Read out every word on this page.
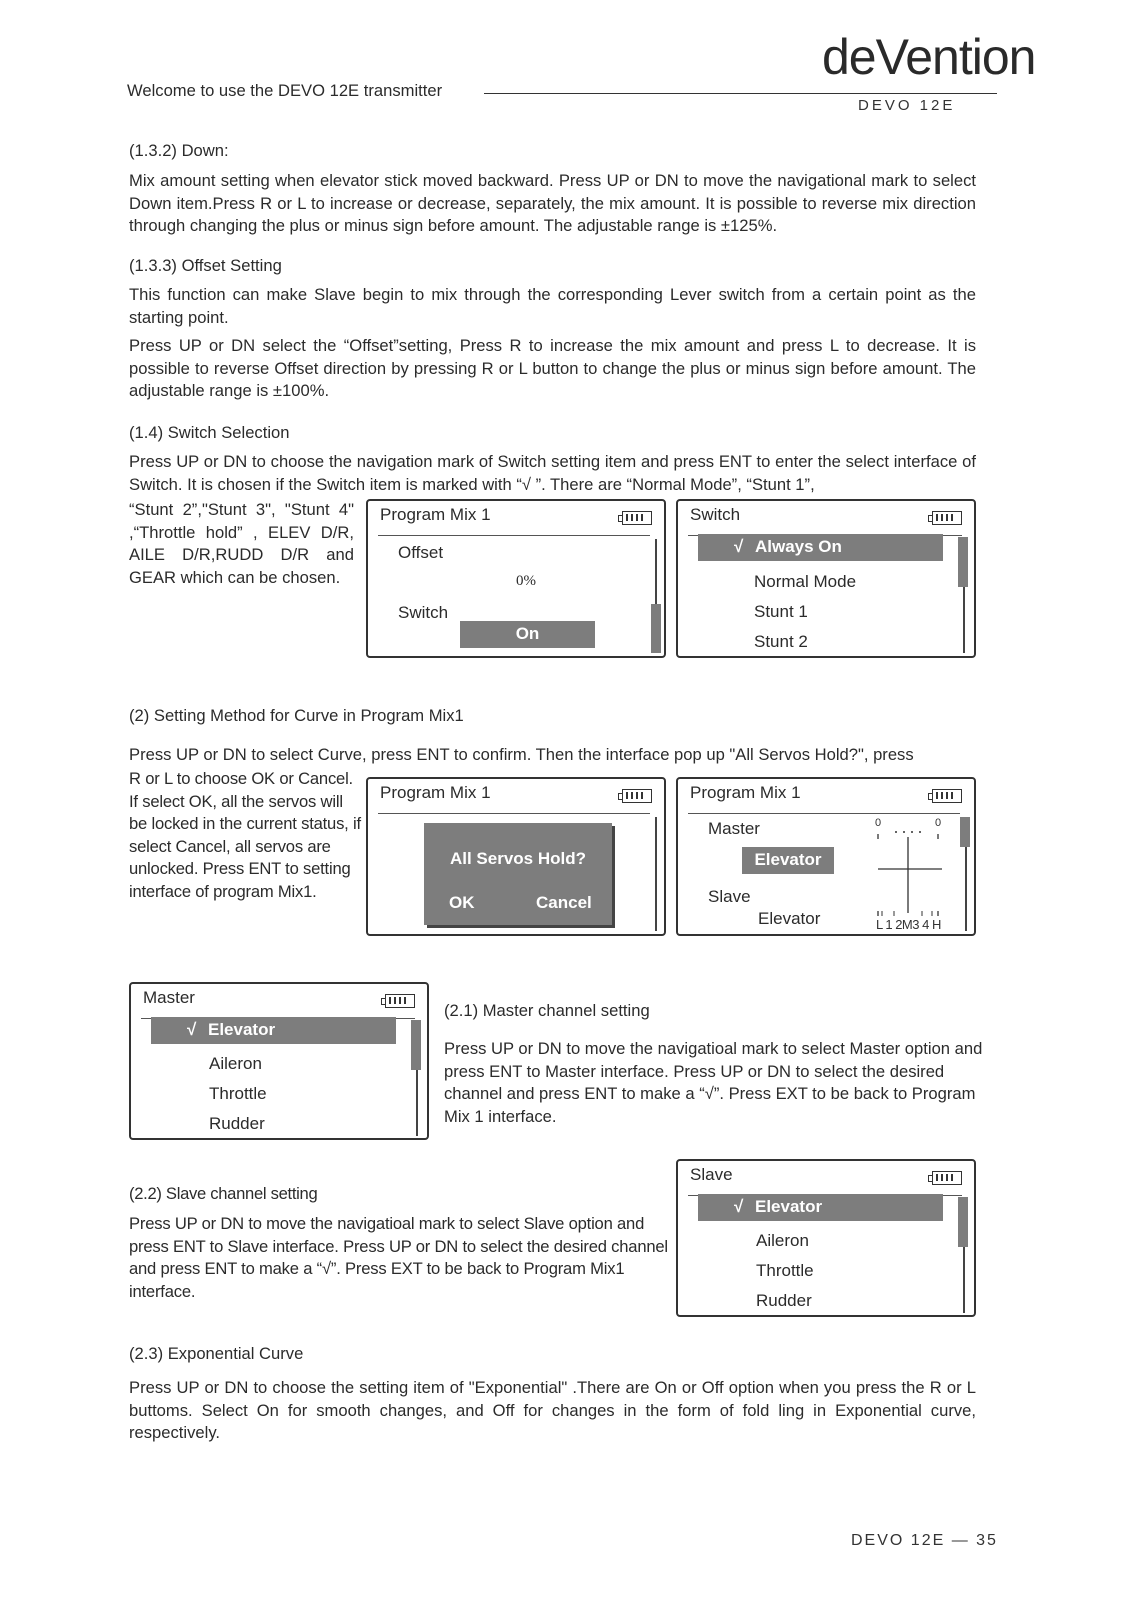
Welcome to use the DEVO 12E transmitter
deVention
DEVO 12E
(1.3.2) Down:
Mix amount setting when elevator stick moved backward. Press UP or DN to move the navigational mark to select Down item.Press R or L to increase or decrease, separately, the mix amount. It is possible to reverse mix direction through changing the plus or minus sign before amount. The adjustable range is ±125%.
(1.3.3) Offset Setting
This function can make Slave begin to mix through the corresponding Lever switch from a certain point as the starting point.
Press UP or DN select the “Offset”setting, Press R to increase the mix amount and press L to decrease. It is possible to reverse Offset direction by pressing R or L button to change the plus or minus sign before amount. The adjustable range is ±100%.
(1.4) Switch Selection
Press UP or DN to choose the navigation mark of Switch setting item and press ENT to enter the select interface of Switch. It is chosen if the Switch item is marked with “√ ”. There are “Normal Mode”, “Stunt 1”,
“Stunt 2”,"Stunt 3", "Stunt 4" ,“Throttle hold” , ELEV D/R, AILE D/R,RUDD D/R and GEAR which can be chosen.
Program Mix 1
Offset
0%
Switch
On
Switch
√ Always On
Normal Mode
Stunt 1
Stunt 2
(2) Setting Method for Curve in Program Mix1
Press UP or DN to select Curve, press ENT to confirm. Then the interface pop up "All Servos Hold?", press
R or L to choose OK or Cancel. If select OK, all the servos will be locked in the current status, if select Cancel, all servos are unlocked. Press ENT to setting interface of program Mix1.
Program Mix 1
All Servos Hold?
OK	Cancel
Program Mix 1
Master
Elevator
Slave
Elevator
0	0
L 1 2M3 4 H
Master
√ Elevator
Aileron
Throttle
Rudder
(2.1) Master channel setting
Press UP or DN to move the navigatioal mark to select Master option and press ENT to Master interface. Press UP or DN to select the desired channel and press ENT to make a “√”. Press EXT to be back to Program Mix 1 interface.
(2.2) Slave channel setting
Press UP or DN to move the navigatioal mark to select Slave option and press ENT to Slave interface. Press UP or DN to select the desired channel and press ENT to make a “√”. Press EXT to be back to Program Mix1 interface.
Slave
√ Elevator
Aileron
Throttle
Rudder
(2.3) Exponential Curve
Press UP or DN to choose the setting item of "Exponential" .There are On or Off option when you press the R or L buttoms. Select On for smooth changes, and Off for changes in the form of fold ling in Exponential curve, respectively.
DEVO 12E — 35
